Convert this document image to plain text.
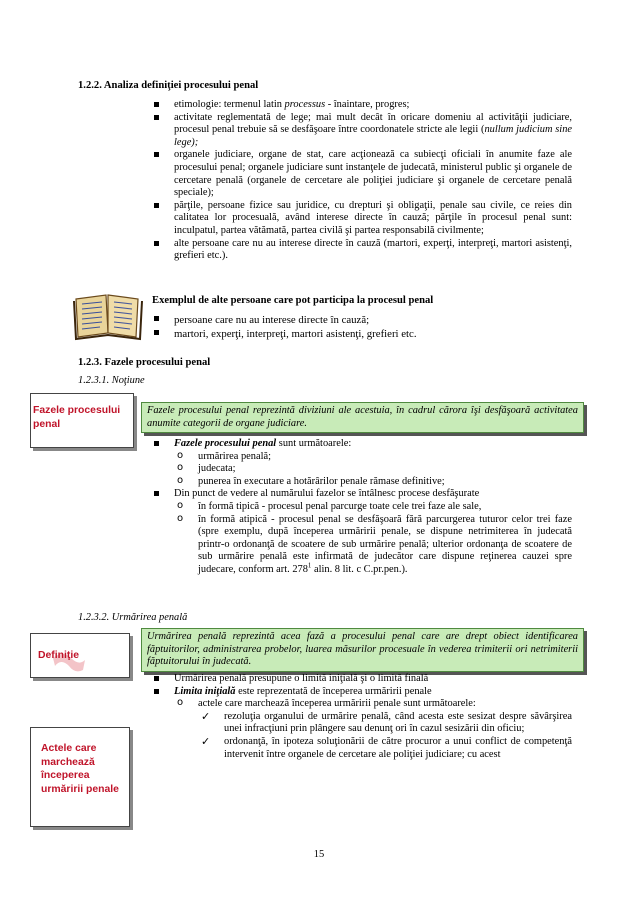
1.2.2. Analiza definiţiei procesului penal
etimologie: termenul latin processus - înaintare, progres;
activitate reglementată de lege; mai mult decât în oricare domeniu al activităţii judiciare, procesul penal trebuie să se desfăşoare între coordonatele stricte ale legii (nullum judicium sine lege);
organele judiciare, organe de stat, care acţionează ca subiecţi oficiali în anumite faze ale procesului penal; organele judiciare sunt instanţele de judecată, ministerul public şi organele de cercetare penală (organele de cercetare ale poliţiei judiciare şi organele de cercetare penală speciale);
părţile, persoane fizice sau juridice, cu drepturi şi obligaţii, penale sau civile, ce reies din calitatea lor procesuală, având interese directe în cauză; părţile în procesul penal sunt: inculpatul, partea vătămată, partea civilă şi partea responsabilă civilmente;
alte persoane care nu au interese directe în cauză (martori, experţi, interpreţi, martori asistenţi, grefieri etc.).
Exemplul de alte persoane care pot participa la procesul penal
persoane care nu au interese directe în cauză;
martori, experţi, interpreţi, martori asistenţi, grefieri etc.
1.2.3. Fazele procesului penal
1.2.3.1. Noţiune
Fazele procesului penal
Fazele procesului penal reprezintă diviziuni ale acestuia, în cadrul cărora îşi desfăşoară activitatea anumite categorii de organe judiciare.
Fazele procesului penal sunt următoarele:
o urmărirea penală;
o judecata;
o punerea în executare a hotărârilor penale rămase definitive;
Din punct de vedere al numărului fazelor se întâlnesc procese desfăşurate
o în formă tipică - procesul penal parcurge toate cele trei faze ale sale,
o în formă atipică - procesul penal se desfăşoară fără parcurgerea tuturor celor trei faze (spre exemplu, după începerea urmăririi penale, se dispune netrimiterea în judecată printr-o ordonanţă de scoatere de sub urmărire penală; ulterior ordonanţa de scoatere de sub urmărire penală este infirmată de judecător care dispune reţinerea cauzei spre judecare, conform art. $278^1$ alin. 8 lit. c C.pr.pen.).
1.2.3.2. Urmărirea penală
Definiţie
Urmărirea penală reprezintă acea fază a procesului penal care are drept obiect identificarea făptuitorilor, administrarea probelor, luarea măsurilor procesuale în vederea trimiterii ori netrimiterii făptuitorului în judecată.
Actele care marchează începerea urmăririi penale
Urmărirea penală presupune o limită iniţială şi o limită finală
Limita iniţială este reprezentată de începerea urmăririi penale
o actele care marchează începerea urmăririi penale sunt următoarele:
✓ rezoluţia organului de urmărire penală, când acesta este sesizat despre săvârşirea unei infracţiuni prin plângere sau denunţ ori în cazul sesizării din oficiu;
✓ ordonanţă, în ipoteza soluţionării de către procuror a unui conflict de competenţă intervenit între organele de cercetare ale poliţiei judiciare; cu acest
15
